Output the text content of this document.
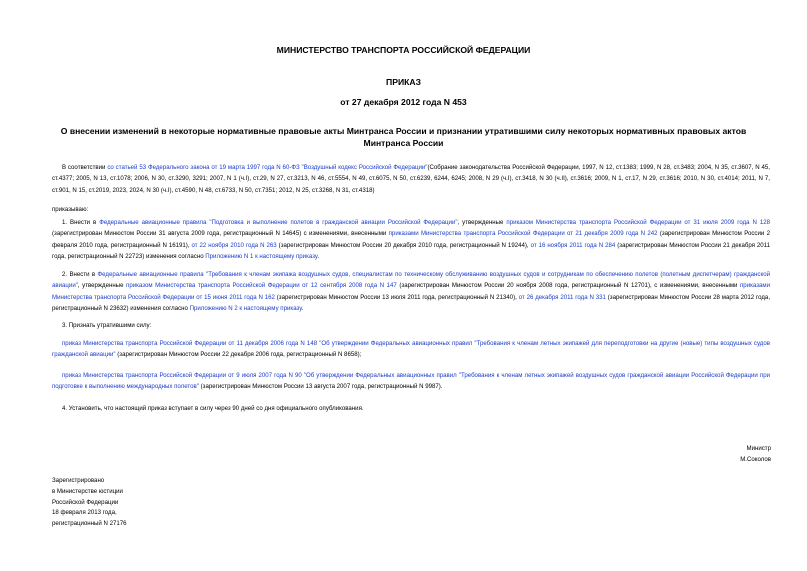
МИНИСТЕРСТВО ТРАНСПОРТА РОССИЙСКОЙ ФЕДЕРАЦИИ
ПРИКАЗ
от 27 декабря 2012 года N 453
О внесении изменений в некоторые нормативные правовые акты Минтранса России и признании утратившими силу некоторых нормативных правовых актов Минтранса России
В соответствии со статьей 53 Федерального закона от 19 марта 1997 года N 60-ФЗ "Воздушный кодекс Российской Федерации"(Собрание законодательства Российской Федерации, 1997, N 12, ст.1383; 1999, N 28, ст.3483; 2004, N 35, ст.3607, N 45, ст.4377; 2005, N 13, ст.1078; 2006, N 30, ст.3290, 3291; 2007, N 1 (ч.I), ст.29, N 27, ст.3213, N 46, ст.5554, N 49, ст.6075, N 50, ст.6239, 6244, 6245; 2008, N 29 (ч.I), ст.3418, N 30 (ч.II), ст.3616; 2009, N 1, ст.17, N 29, ст.3616; 2010, N 30, ст.4014; 2011, N 7, ст.901, N 15, ст.2019, 2023, 2024, N 30 (ч.I), ст.4590, N 48, ст.6733, N 50, ст.7351; 2012, N 25, ст.3268, N 31, ст.4318)
приказываю:
1. Внести в Федеральные авиационные правила "Подготовка и выполнение полетов в гражданской авиации Российской Федерации", утвержденные приказом Министерства транспорта Российской Федерации от 31 июля 2009 года N 128 (зарегистрирован Минюстом России 31 августа 2009 года, регистрационный N 14645) с изменениями, внесенными приказами Министерства транспорта Российской Федерации от 21 декабря 2009 года N 242 (зарегистрирован Минюстом России 2 февраля 2010 года, регистрационный N 16191), от 22 ноября 2010 года N 263 (зарегистрирован Минюстом России 20 декабря 2010 года, регистрационный N 19244), от 16 ноября 2011 года N 284 (зарегистрирован Минюстом России 21 декабря 2011 года, регистрационный N 22723) изменения согласно Приложению N 1 к настоящему приказу.
2. Внести в Федеральные авиационные правила "Требования к членам экипажа воздушных судов, специалистам по техническому обслуживанию воздушных судов и сотрудникам по обеспечению полетов (полетным диспетчерам) гражданской авиации", утвержденные приказом Министерства транспорта Российской Федерации от 12 сентября 2008 года N 147 (зарегистрирован Минюстом России 20 ноября 2008 года, регистрационный N 12701), с изменениями, внесенными приказами Министерства транспорта Российской Федерации от 15 июня 2011 года N 162 (зарегистрирован Минюстом России 13 июля 2011 года, регистрационный N 21340), от 26 декабря 2011 года N 331 (зарегистрирован Минюстом России 28 марта 2012 года, регистрационный N 23632) изменения согласно Приложению N 2 к настоящему приказу.
3. Признать утратившими силу:
приказ Министерства транспорта Российской Федерации от 11 декабря 2006 года N 148 "Об утверждении Федеральных авиационных правил "Требования к членам летных экипажей для переподготовки на другие (новые) типы воздушных судов гражданской авиации" (зарегистрирован Минюстом России 22 декабря 2006 года, регистрационный N 8658);
приказ Министерства транспорта Российской Федерации от 9 июля 2007 года N 90 "Об утверждении Федеральных авиационных правил "Требования к членам летных экипажей воздушных судов гражданской авиации Российской Федерации при подготовке к выполнению международных полетов" (зарегистрирован Минюстом России 13 августа 2007 года, регистрационный N 9987).
4. Установить, что настоящий приказ вступает в силу через 90 дней со дня официального опубликования.
Министр
М.Соколов
Зарегистрировано
в Министерстве юстиции
Российской Федерации
18 февраля 2013 года,
регистрационный N 27176
